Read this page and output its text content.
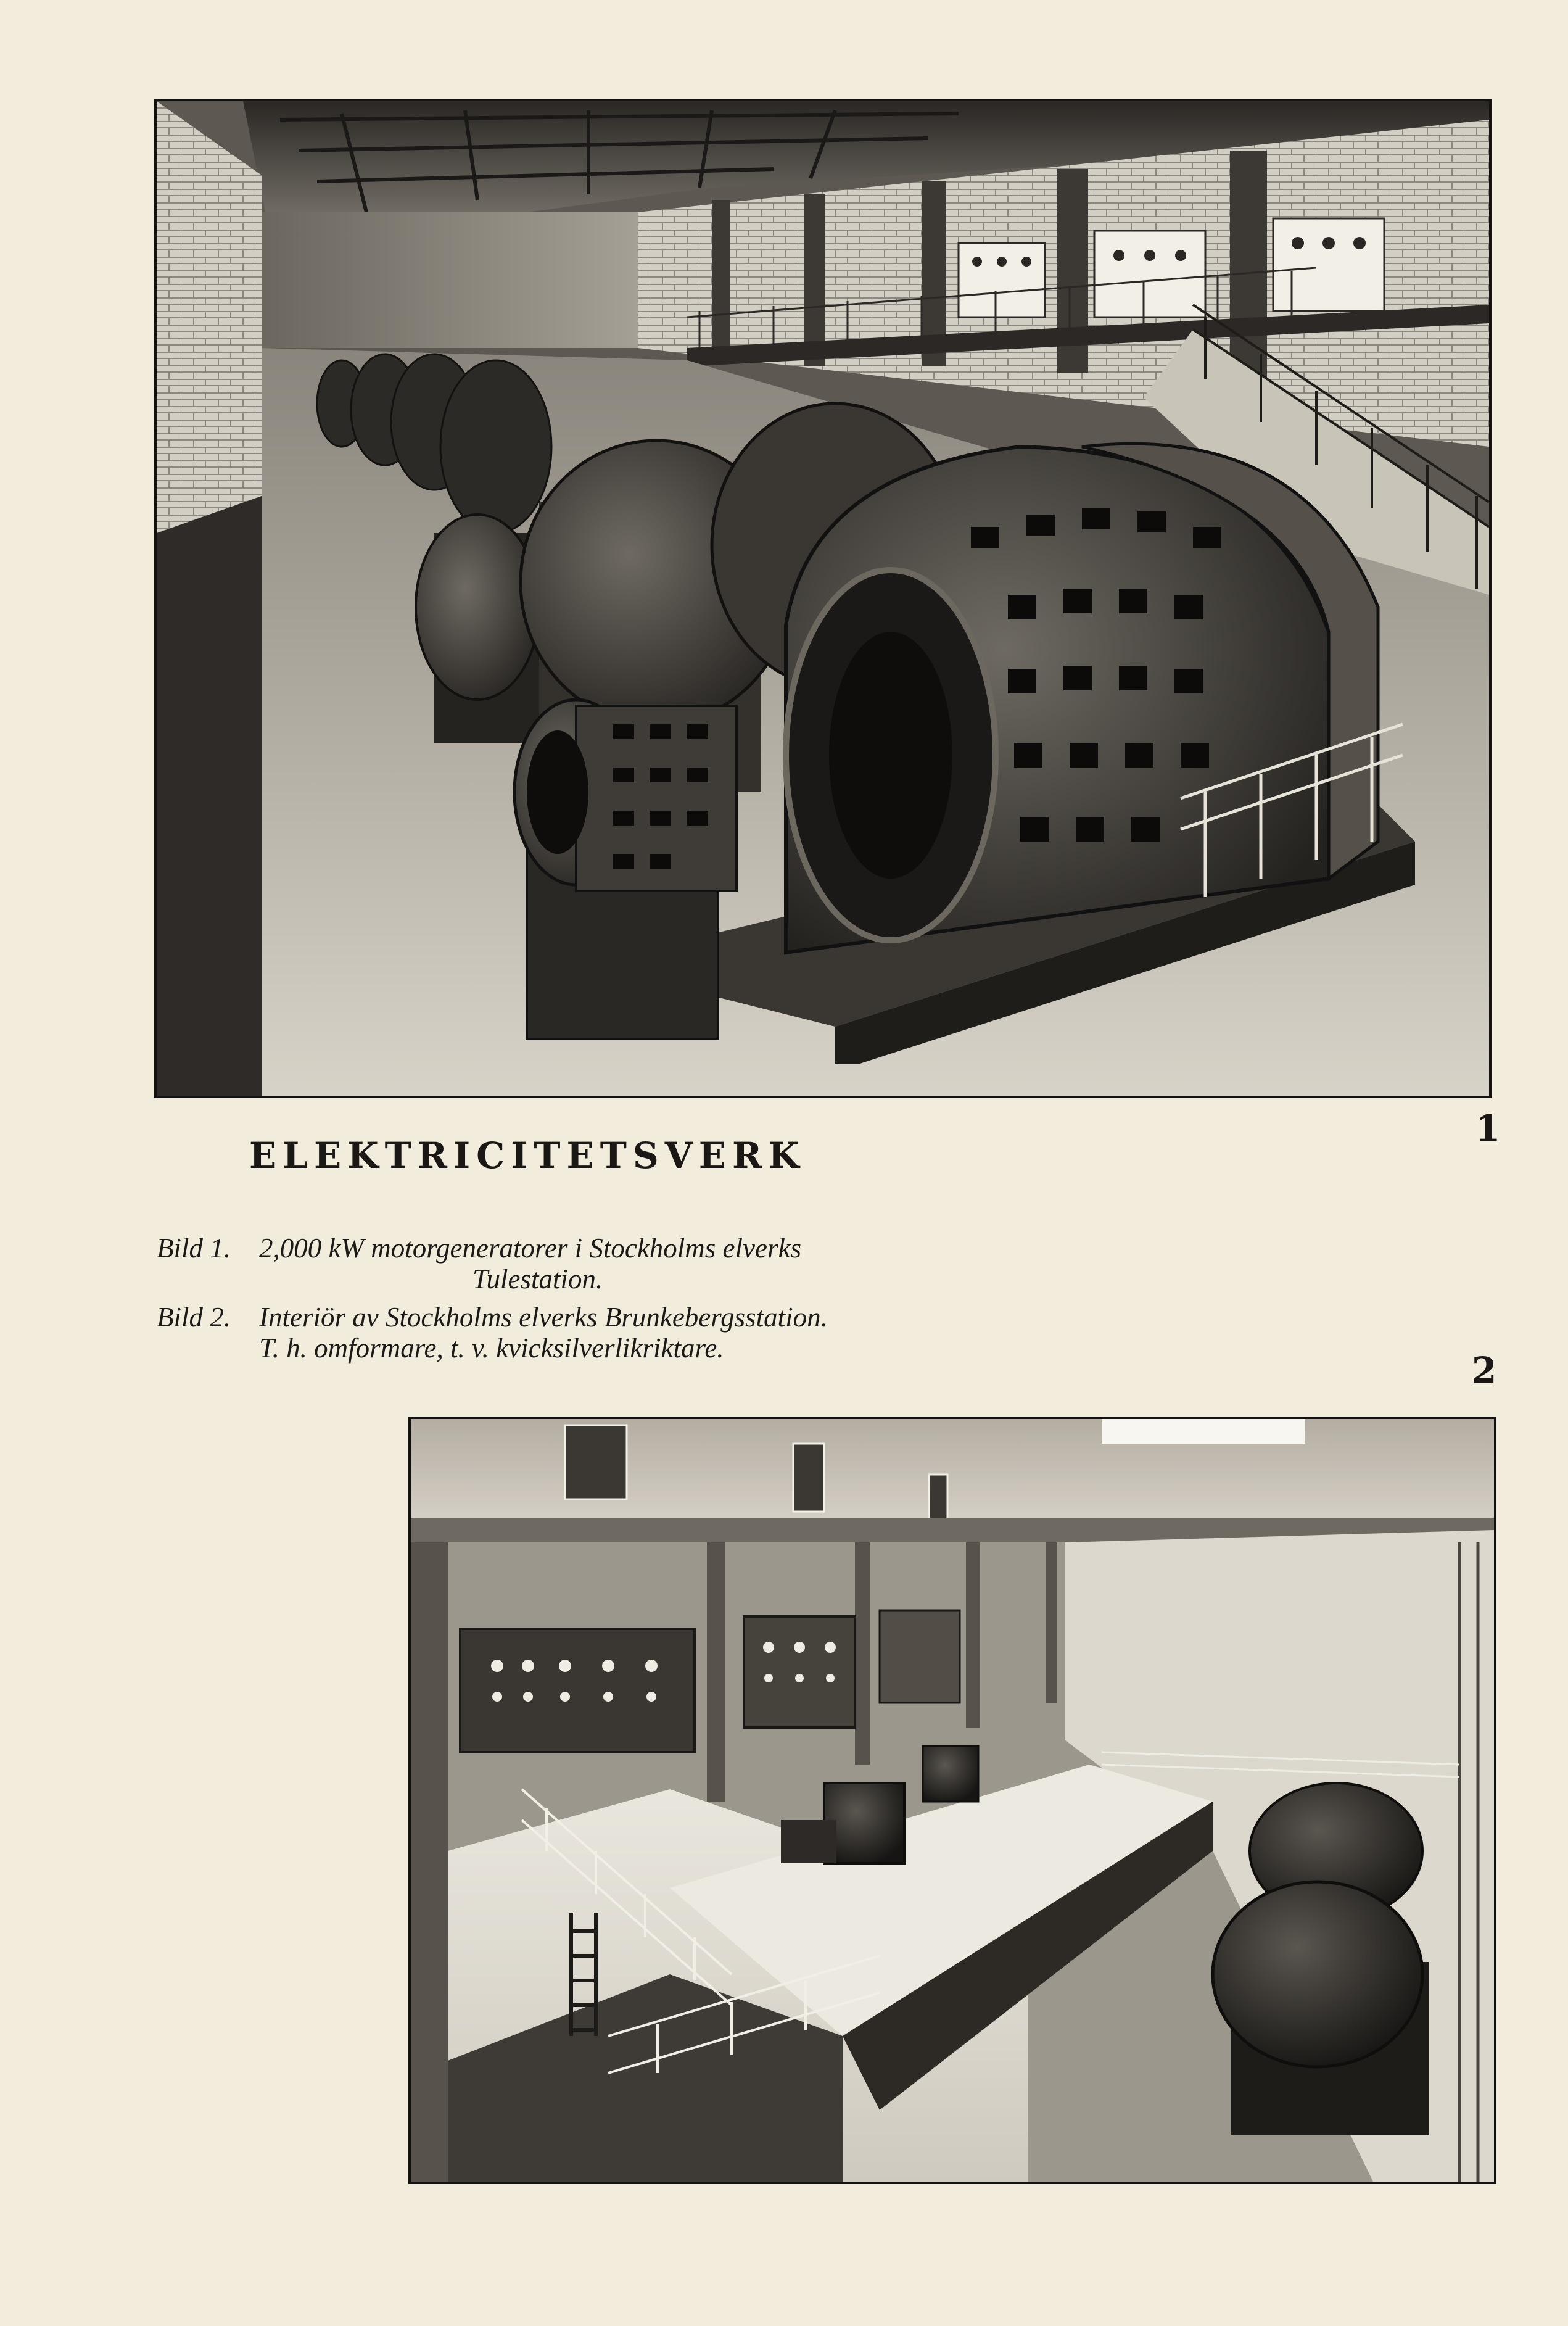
1
ELEKTRICITETSVERK
Bild 1. 2,000 kW motorgeneratorer i Stockholms elverks
Tulestation.
Bild 2. Interiör av Stockholms elverks Brunkebergsstation.
T. h. omformare, t. v. kvicksilverlikriktare.
2
